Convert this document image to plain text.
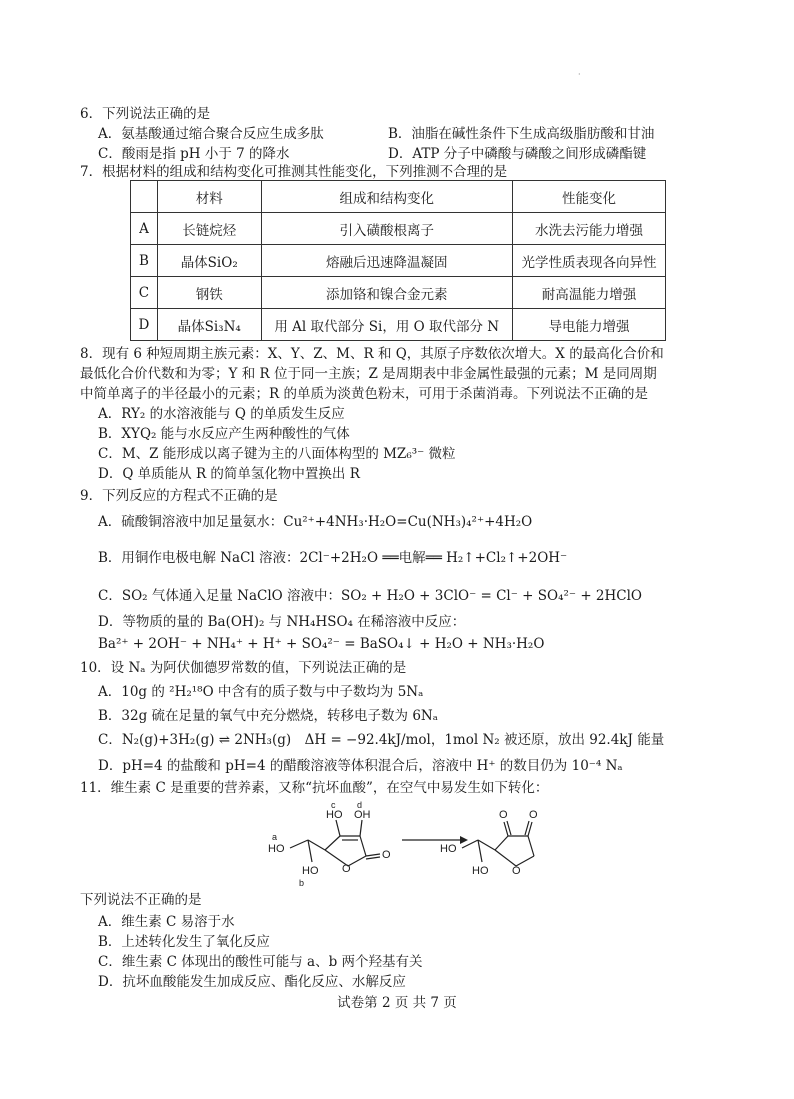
·
6．下列说法正确的是
A．氨基酸通过缩合聚合反应生成多肽	B．油脂在碱性条件下生成高级脂肪酸和甘油
C．酸雨是指 pH 小于 7 的降水	D．ATP 分子中磷酸与磷酸之间形成磷酯键
7．根据材料的组成和结构变化可推测其性能变化，下列推测不合理的是
	材料	组成和结构变化	性能变化
A	长链烷烃	引入磺酸根离子	水洗去污能力增强
B	晶体SiO₂	熔融后迅速降温凝固	光学性质表现各向异性
C	钢铁	添加铬和镍合金元素	耐高温能力增强
D	晶体Si₃N₄	用 Al 取代部分 Si，用 O 取代部分 N	导电能力增强
8．现有 6 种短周期主族元素：X、Y、Z、M、R 和 Q，其原子序数依次增大。X 的最高化合价和
最低化合价代数和为零；Y 和 R 位于同一主族；Z 是周期表中非金属性最强的元素；M 是同周期
中简单离子的半径最小的元素；R 的单质为淡黄色粉末，可用于杀菌消毒。下列说法不正确的是
A．RY₂ 的水溶液能与 Q 的单质发生反应
B．XYQ₂ 能与水反应产生两种酸性的气体
C．M、Z 能形成以离子键为主的八面体构型的 MZ₆³⁻ 微粒
D．Q 单质能从 R 的简单氢化物中置换出 R
9．下列反应的方程式不正确的是
A．硫酸铜溶液中加足量氨水：Cu²⁺+4NH₃·H₂O=Cu(NH₃)₄²⁺+4H₂O
B．用铜作电极电解 NaCl 溶液：2Cl⁻+2H₂O ══电解══ H₂↑+Cl₂↑+2OH⁻
C．SO₂ 气体通入足量 NaClO 溶液中：SO₂ + H₂O + 3ClO⁻ = Cl⁻ + SO₄²⁻ + 2HClO
D．等物质的量的 Ba(OH)₂ 与 NH₄HSO₄ 在稀溶液中反应：
Ba²⁺ + 2OH⁻ + NH₄⁺ + H⁺ + SO₄²⁻ = BaSO₄↓ + H₂O + NH₃·H₂O
10．设 Nₐ 为阿伏伽德罗常数的值，下列说法正确的是
A．10g 的 ²H₂¹⁸O 中含有的质子数与中子数均为 5Nₐ
B．32g 硫在足量的氧气中充分燃烧，转移电子数为 6Nₐ
C．N₂(g)+3H₂(g) ⇌ 2NH₃(g)　ΔH = −92.4kJ/mol，1mol N₂ 被还原，放出 92.4kJ 能量
D．pH=4 的盐酸和 pH=4 的醋酸溶液等体积混合后，溶液中 H⁺ 的数目仍为 10⁻⁴ Nₐ
11．维生素 C 是重要的营养素，又称“抗坏血酸”，在空气中易发生如下转化：
HO
a
HO
b
HO
c
OH
d
O
O	HO
HO
O O
O
下列说法不正确的是
A．维生素 C 易溶于水
B．上述转化发生了氧化反应
C．维生素 C 体现出的酸性可能与 a、b 两个羟基有关
D．抗坏血酸能发生加成反应、酯化反应、水解反应
试卷第 2 页 共 7 页
